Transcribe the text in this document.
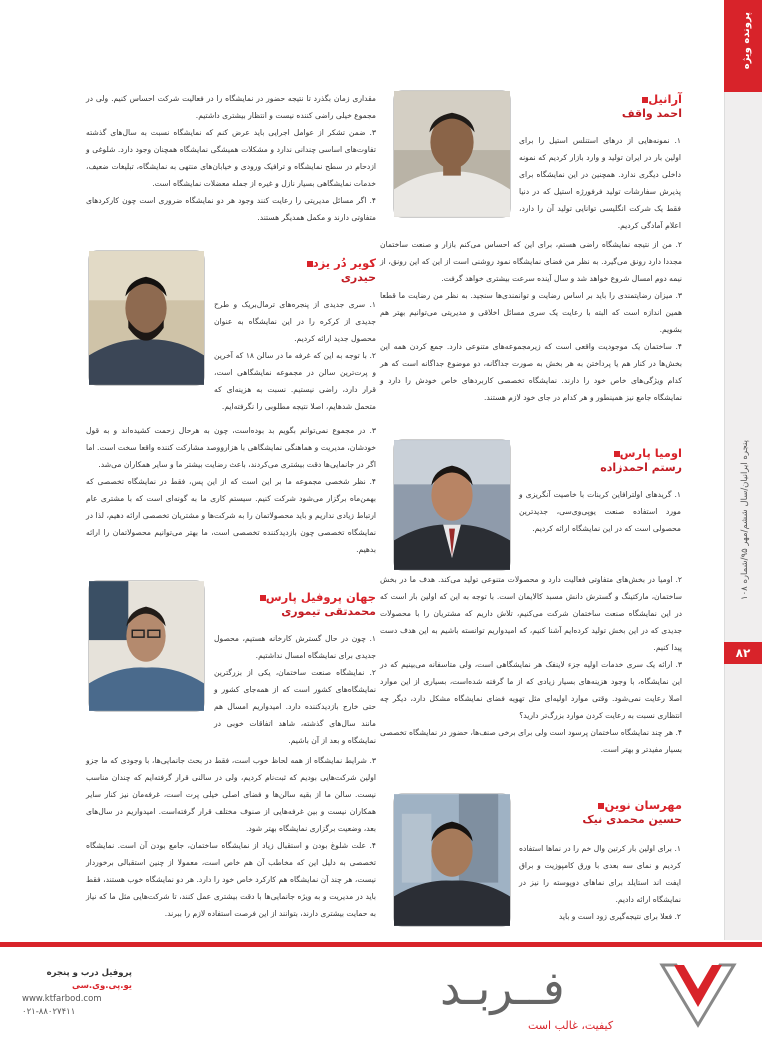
پرونده ویژه
پنجره ایرانیان/سال ششم/مهر ۹۵/شماره ۱۰۸
۸۲
آرانیل
احمد واقف

۱. نمونه‌هایی از درهای استنلس استیل را برای اولین بار در ایران تولید و وارد بازار کردیم که نمونه داخلی دیگری ندارد. همچنین در این نمایشگاه برای پذیرش سفارشات تولید فرفورژه استیل که در دنیا فقط یک شرکت انگلیسی توانایی تولید آن را دارد، اعلام آمادگی کردیم.

۲. من از نتیجه نمایشگاه راضی هستم، برای این که احساس می‌کنم بازار و صنعت ساختمان مجددا دارد رونق می‌گیرد. به نظر من فضای نمایشگاه نمود روشنی است از این که این رونق، از نیمه دوم امسال شروع خواهد شد و سال آینده سرعت بیشتری خواهد گرفت.

۳. میزان رضایتمندی را باید بر اساس رضایت و توانمندی‌ها سنجید. به نظر من رضایت ما قطعا همین اندازه است که البته با رعایت یک سری مسائل اخلاقی و مدیریتی می‌توانیم بهتر هم بشویم.

۴. ساختمان یک موجودیت واقعی است که زیرمجموعه‌های متنوعی دارد. جمع کردن همه این بخش‌ها در کنار هم یا پرداختن به هر بخش به صورت جداگانه، دو موضوع جداگانه است که هر کدام ویژگی‌های خاص خود را دارند. نمایشگاه تخصصی کاربردهای خاص خودش را دارد و نمایشگاه جامع نیز همینطور و هر کدام در جای خود لازم هستند.

اومیا پارس
رستم احمدزاده

۱. گریدهای اولترافاین کربنات با خاصیت آنگریزی و مورد استفاده صنعت یو‌پی‌وی‌سی، جدیدترین محصولی است که در این نمایشگاه ارائه کردیم.

۲. اومیا در بخش‌های متفاوتی فعالیت دارد و محصولات متنوعی تولید می‌کند. هدف ما در بخش ساختمان، مارکتینگ و گسترش دانش مسبد کالایمان است. با توجه به این که اولین بار است که در این نمایشگاه صنعت ساختمان شرکت می‌کنیم، تلاش داریم که مشتریان را با محصولات جدیدی که در این بخش تولید کرده‌ایم آشنا کنیم، که امیدواریم توانسته باشیم به این هدف دست پیدا کنیم.

۳. ارائه یک سری خدمات اولیه جزء لاینفک هر نمایشگاهی است، ولی متاسفانه می‌بینیم که در این نمایشگاه، با وجود هزینه‌های بسیار زیادی که از ما گرفته شده‌است، بسیاری از این موارد اصلا رعایت نمی‌شود. وقتی موارد اولیه‌ای مثل تهویه فضای نمایشگاه مشکل دارد، دیگر چه انتظاری نسبت به رعایت کردن موارد بزرگ‌تر دارید؟

۴. هر چند نمایشگاه ساختمان پرسود است ولی برای برخی صنف‌ها، حضور در نمایشگاه تخصصی بسیار مفیدتر و بهتر است.

مهرسان نوین
حسین محمدی نیک

۱. برای اولین بار کرتین وال خم را در نماها استفاده کردیم و نمای سه بعدی با ورق کامپوزیت و براق ایفت اند استایلد برای نماهای دوپوسته را نیز در نمایشگاه ارائه دادیم.

۲. فعلا برای نتیجه‌گیری زود است و باید

مقداری زمان بگذرد تا نتیجه حضور در نمایشگاه را در فعالیت شرکت احساس کنیم. ولی در مجموع خیلی راضی کننده نیست و انتظار بیشتری داشتیم.

۳. ضمن تشکر از عوامل اجرایی باید عرض کنم که نمایشگاه نسبت به سال‌های گذشته تفاوت‌های اساسی چندانی ندارد و مشکلات همیشگی نمایشگاه همچنان وجود دارد. شلوغی و ازدحام در سطح نمایشگاه و ترافیک ورودی و خیابان‌های منتهی به نمایشگاه، تبلیغات ضعیف، خدمات نمایشگاهی بسیار نازل و غیره از جمله معضلات نمایشگاه است.

۴. اگر مسائل مدیریتی را رعایت کنند وجود هر دو نمایشگاه ضروری است چون کارکردهای متفاوتی دارند و مکمل همدیگر هستند.

کویر دُر یزد
حیدری

۱. سری جدیدی از پنجره‌های ترمال‌بریک و طرح جدیدی از کرکره را در این نمایشگاه به عنوان محصول جدید ارائه کردیم.

۲. با توجه به این که غرفه ما در سالن ۱۸ که آخرین و پرت‌ترین سالن در مجموعه نمایشگاهی است، قرار دارد، راضی نیستیم. نسبت به هزینه‌ای که متحمل شدهایم، اصلا نتیجه مطلوبی را نگرفته‌ایم.

۳. در مجموع نمی‌توانم بگویم بد بوده‌است، چون به هرحال زحمت کشیده‌اند و به قول خودشان، مدیریت و هماهنگی نمایشگاهی با هزار‌ووصد مشارکت کننده واقعا سخت است. اما اگر در جانمایی‌ها دقت بیشتری می‌کردند، باعث رضایت بیشتر ما و سایر همکاران می‌شد.

۴. نظر شخصی مجموعه ما بر این است که از این پس، فقط در نمایشگاه تخصصی که بهمن‌ماه برگزار می‌شود شرکت کنیم. سیستم کاری ما به گونه‌ای است که با مشتری عام ارتباط زیادی نداریم و باید محصولاتمان را به شرکت‌ها و مشتریان تخصصی ارائه دهیم، لذا در نمایشگاه تخصصی چون بازدیدکننده تخصصی است، ما بهتر می‌توانیم محصولاتمان را ارائه بدهیم.

جهان پروفیل پارس
محمدتقی تیموری

۱. چون در حال گسترش کارخانه هستیم، محصول جدیدی برای نمایشگاه امسال نداشتیم.

۲. نمایشگاه صنعت ساختمان، یکی از بزرگترین نمایشگاه‌های کشور است که از همه‌جای کشور و حتی خارج بازدیدکننده دارد. امیدواریم امسال هم مانند سال‌های گذشته، شاهد اتفاقات خوبی در نمایشگاه و بعد از آن باشیم.

۳. شرایط نمایشگاه از همه لحاظ خوب است، فقط در بحث جانمایی‌ها، با وجودی که ما جزو اولین شرکت‌هایی بودیم که ثبت‌نام کردیم، ولی در سالنی قرار گرفته‌ایم که چندان مناسب نیست. سالن ما از بقیه سالن‌ها و فضای اصلی خیلی پرت است، غرفه‌مان نیز کنار سایر همکاران نیست و بین غرفه‌هایی از صنوف مختلف قرار گرفته‌است. امیدواریم در سال‌های بعد، وضعیت برگزاری نمایشگاه بهتر شود.

۴. علت شلوغ بودن و استقبال زیاد از نمایشگاه ساختمان، جامع بودن آن است. نمایشگاه تخصصی به دلیل این که مخاطب آن هم خاص است، معمولا از چنین استقبالی برخوردار نیست، هر چند آن نمایشگاه هم کارکرد خاص خود را دارد. هر دو نمایشگاه خوب هستند، فقط باید در مدیریت و به ویژه جانمایی‌ها با دقت بیشتری عمل کنند، تا شرکت‌هایی مثل ما که نیاز به حمایت بیشتری دارند، بتوانند از این فرصت استفاده لازم را ببرند.

پروفیل درب و پنجره
یو.پی.وی.سی
www.ktfarbod.com
۰۲۱-۸۸۰۲۷۴۱۱	فــربـد
کیفیت، غالب است
